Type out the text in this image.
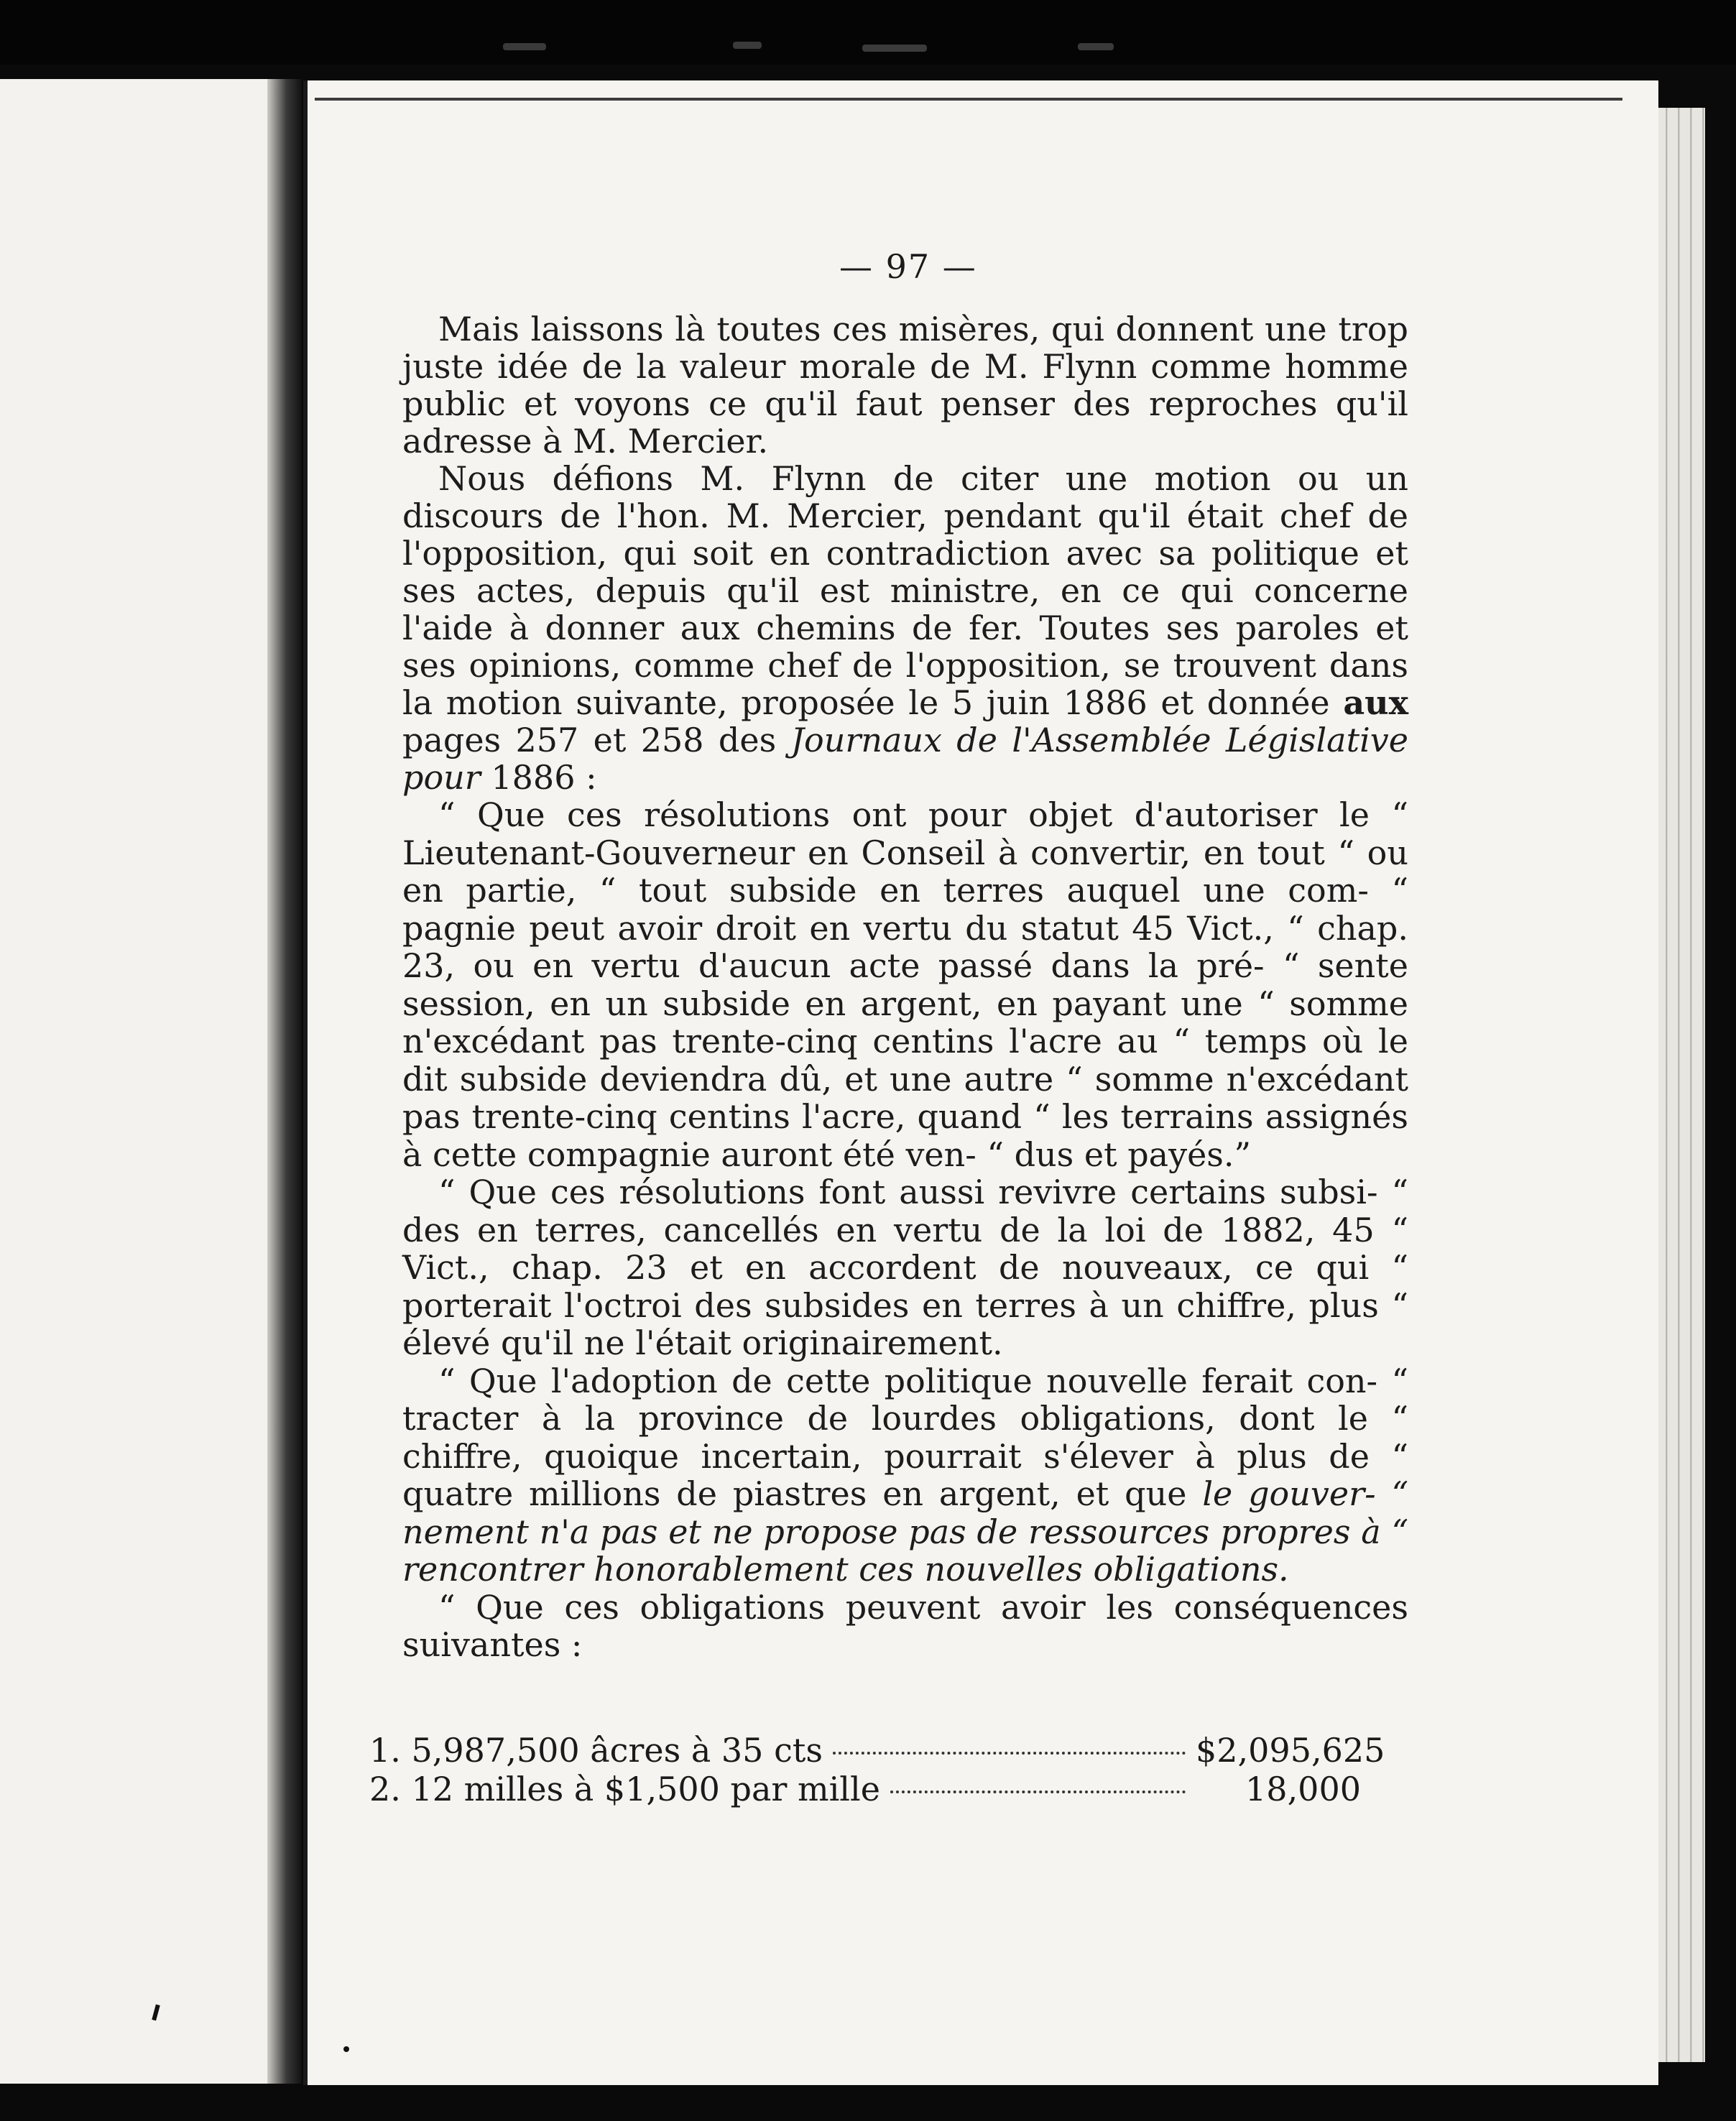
— 97 —

Mais laissons là toutes ces misères, qui donnent une trop juste idée de la valeur morale de M. Flynn comme homme public et voyons ce qu'il faut penser des reproches qu'il adresse à M. Mercier.

Nous défions M. Flynn de citer une motion ou un discours de l'hon. M. Mercier, pendant qu'il était chef de l'opposition, qui soit en contradiction avec sa politique et ses actes, depuis qu'il est ministre, en ce qui concerne l'aide à donner aux chemins de fer. Toutes ses paroles et ses opinions, comme chef de l'opposition, se trouvent dans la motion suivante, proposée le 5 juin 1886 et donnée aux pages 257 et 258 des Journaux de l'Assemblée Législative pour 1886 :

“ Que ces résolutions ont pour objet d'autoriser le “ Lieutenant-Gouverneur en Conseil à convertir, en tout “ ou en partie, “ tout subside en terres auquel une com- “ pagnie peut avoir droit en vertu du statut 45 Vict., “ chap. 23, ou en vertu d'aucun acte passé dans la pré- “ sente session, en un subside en argent, en payant une “ somme n'excédant pas trente-cinq centins l'acre au “ temps où le dit subside deviendra dû, et une autre “ somme n'excédant pas trente-cinq centins l'acre, quand “ les terrains assignés à cette compagnie auront été ven- “ dus et payés.”

“ Que ces résolutions font aussi revivre certains subsi- “ des en terres, cancellés en vertu de la loi de 1882, 45 “ Vict., chap. 23 et en accordent de nouveaux, ce qui “ porterait l'octroi des subsides en terres à un chiffre, plus “ élevé qu'il ne l'était originairement.

“ Que l'adoption de cette politique nouvelle ferait con- “ tracter à la province de lourdes obligations, dont le “ chiffre, quoique incertain, pourrait s'élever à plus de “ quatre millions de piastres en argent, et que le gouver- “ nement n'a pas et ne propose pas de ressources propres à “ rencontrer honorablement ces nouvelles obligations.

“ Que ces obligations peuvent avoir les conséquences suivantes :

1. 5,987,500 âcres à 35 cts	$2,095,625
2. 12 milles à $1,500 par mille	18,000
